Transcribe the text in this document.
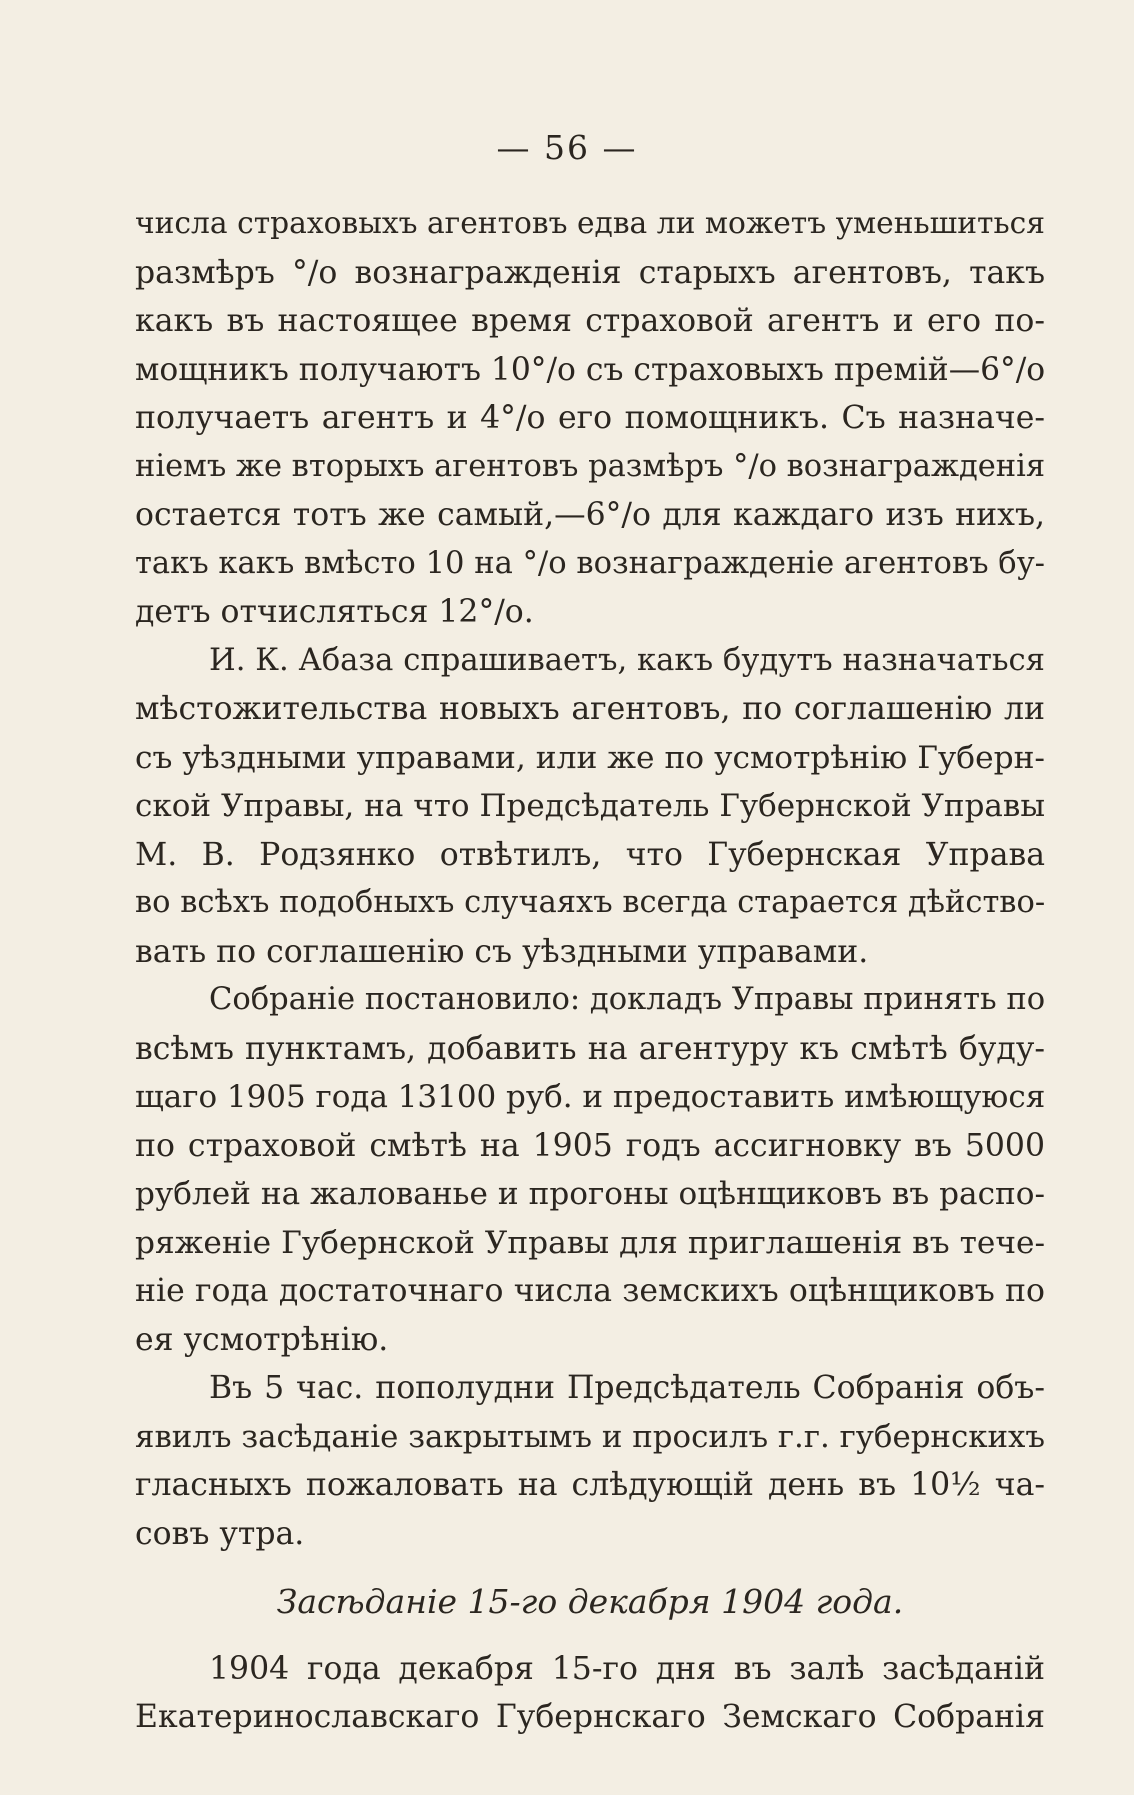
— 56 —

числа страховыхъ агентовъ едва ли можетъ уменьшиться
размѣръ °/о вознагражденія старыхъ агентовъ, такъ
какъ въ настоящее время страховой агентъ и его по-
мощникъ получаютъ 10°/о съ страховыхъ премій—6°/о
получаетъ агентъ и 4°/о его помощникъ. Съ назначе-
ніемъ же вторыхъ агентовъ размѣръ °/о вознагражденія
остается тотъ же самый,—6°/о для каждаго изъ нихъ,
такъ какъ вмѣсто 10 на °/о вознагражденіе агентовъ бу-
детъ отчисляться 12°/о.

И. К. Абаза спрашиваетъ, какъ будутъ назначаться
мѣстожительства новыхъ агентовъ, по соглашенію ли
съ уѣздными управами, или же по усмотрѣнію Губерн-
ской Управы, на что Предсѣдатель Губернской Управы
М. В. Родзянко отвѣтилъ, что Губернская Управа
во всѣхъ подобныхъ случаяхъ всегда старается дѣйство-
вать по соглашенію съ уѣздными управами.

Собраніе постановило: докладъ Управы принять по
всѣмъ пунктамъ, добавить на агентуру къ смѣтѣ буду-
щаго 1905 года 13100 руб. и предоставить имѣющуюся
по страховой смѣтѣ на 1905 годъ ассигновку въ 5000
рублей на жалованье и прогоны оцѣнщиковъ въ распо-
ряженіе Губернской Управы для приглашенія въ тече-
ніе года достаточнаго числа земскихъ оцѣнщиковъ по
ея усмотрѣнію.

Въ 5 час. пополудни Предсѣдатель Собранія объ-
явилъ засѣданіе закрытымъ и просилъ г.г. губернскихъ
гласныхъ пожаловать на слѣдующій день въ 10½ ча-
совъ утра.

Засѣданіе 15-го декабря 1904 года.

1904 года декабря 15-го дня въ залѣ засѣданій
Екатеринославскаго Губернскаго Земскаго Собранія
